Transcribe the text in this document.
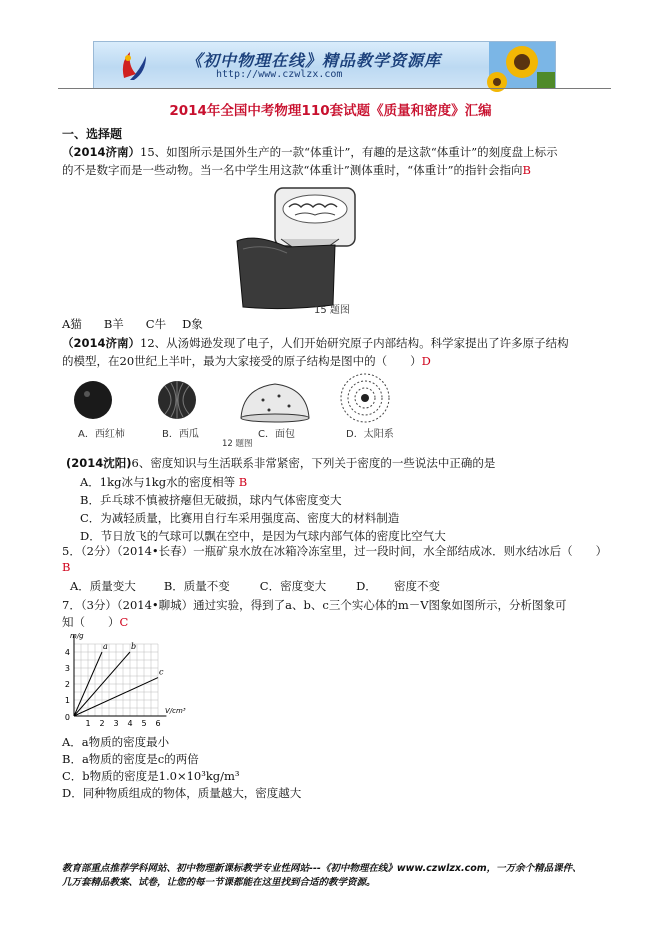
《初中物理在线》精品教学资源库
http://www.czwlzx.com
2014年全国中考物理110套试题《质量和密度》汇编
一、选择题
（2014济南）15、如图所示是国外生产的一款“体重计”，有趣的是这款“体重计”的刻度盘上标示
的不是数字而是一些动物。当一名中学生用这款“体重计”测体重时，“体重计”的指针会指向B
15 题图
A猫 B羊 C牛 D象
（2014济南）12、从汤姆逊发现了电子，人们开始研究原子内部结构。科学家提出了许多原子结构
的模型，在20世纪上半叶，最为大家接受的原子结构是图中的（　　）D
A．西红柿	B．西瓜	C．面包	D．太阳系
12 题图
(2014沈阳)6、密度知识与生活联系非常紧密，下列关于密度的一些说法中正确的是
A．1kg冰与1kg水的密度相等 B
B．乒乓球不慎被挤瘪但无破损，球内气体密度变大
C．为减轻质量，比赛用自行车采用强度高、密度大的材料制造
D．节日放飞的气球可以飘在空中，是因为气球内部气体的密度比空气大
5．（2分）（2014•长春）一瓶矿泉水放在冰箱冷冻室里，过一段时间，水全部结成冰．则水结冰后（　　）
B
A．质量变大 B．质量不变	C．密度变大	D．　　密度不变
7．（3分）（2014•聊城）通过实验，得到了a、b、c三个实心体的m－V图象如图所示，分析图象可
知（　　）C
1 2 3 4 5 6
1
2
3
4
0
m/g
V/cm³
a	b
c
A．a物质的密度最小
B．a物质的密度是c的两倍
C．b物质的密度是1.0×10³kg/m³
D．同种物质组成的物体，质量越大，密度越大
教育部重点推荐学科网站、初中物理新课标教学专业性网站---《初中物理在线》www.czwlzx.com，一万余个精品课件、
几万套精品教案、试卷，让您的每一节课都能在这里找到合适的教学资源。
